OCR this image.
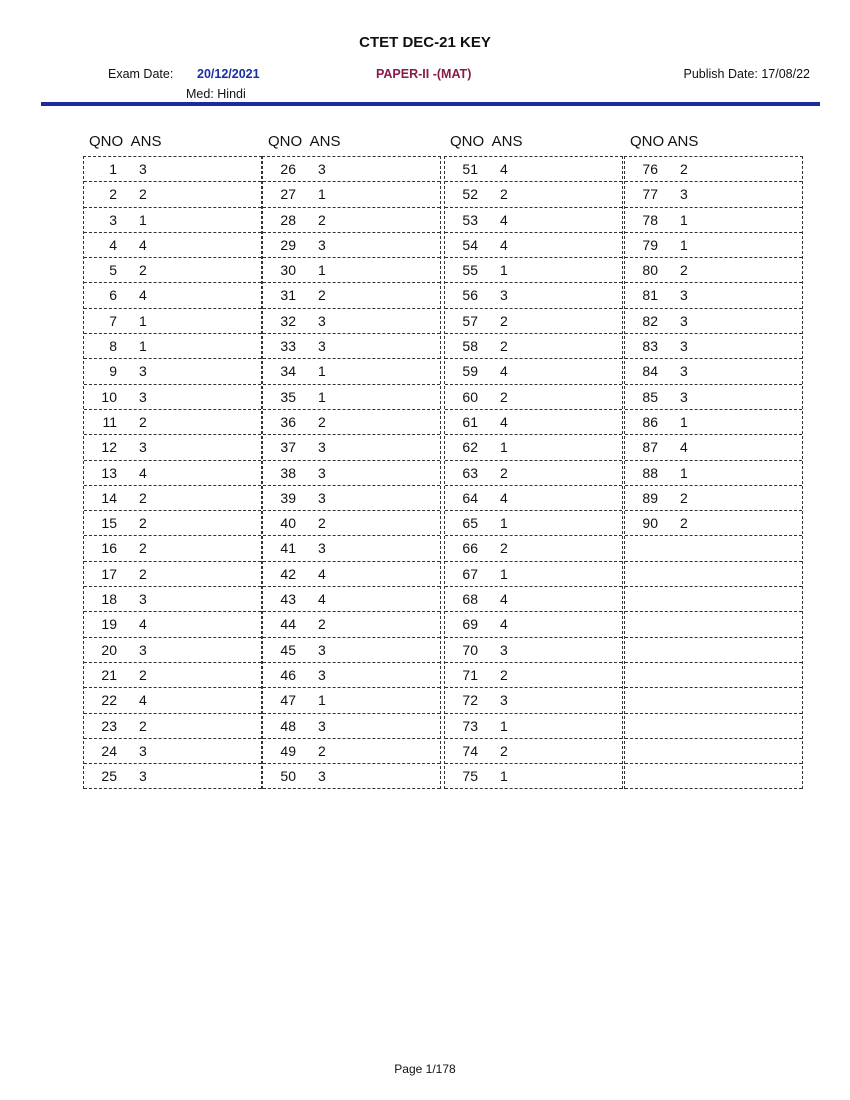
CTET DEC-21 KEY
Exam Date: 20/12/2021	PAPER-II -(MAT)	Publish Date: 17/08/22
Med: Hindi
QNO  ANS
1 3
2 2
3 1
4 4
5 2
6 4
7 1
8 1
9 3
10 3
11 2
12 3
13 4
14 2
15 2
16 2
17 2
18 3
19 4
20 3
21 2
22 4
23 2
24 3
25 3
QNO  ANS
26 3
27 1
28 2
29 3
30 1
31 2
32 3
33 3
34 1
35 1
36 2
37 3
38 3
39 3
40 2
41 3
42 4
43 4
44 2
45 3
46 3
47 1
48 3
49 2
50 3
QNO  ANS
51 4
52 2
53 4
54 4
55 1
56 3
57 2
58 2
59 4
60 2
61 4
62 1
63 2
64 4
65 1
66 2
67 1
68 4
69 4
70 3
71 2
72 3
73 1
74 2
75 1
QNO ANS
76 2
77 3
78 1
79 1
80 2
81 3
82 3
83 3
84 3
85 3
86 1
87 4
88 1
89 2
90 2
Page 1/178
